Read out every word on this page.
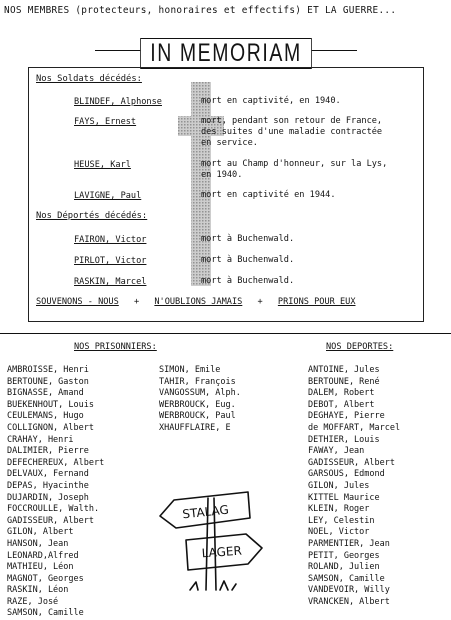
NOS MEMBRES (protecteurs, honoraires et effectifs) ET LA GUERRE...
IN MEMORIAM
Nos Soldats décédés:
BLINDEF, Alphonse	mort en captivité, en 1940.
FAYS, Ernest	mort, pendant son retour de France,
des suites d'une maladie contractée
en service.
HEUSE, Karl	mort au Champ d'honneur, sur la Lys,
en 1940.
LAVIGNE, Paul	mort en captivité en 1944.
Nos Déportés décédés:
FAIRON, Victor	mort à Buchenwald.
PIRLOT, Victor	mort à Buchenwald.
RASKIN, Marcel	mort à Buchenwald.
SOUVENONS - NOUS + N'OUBLIONS JAMAIS + PRIONS POUR EUX
NOS PRISONNIERS:	NOS DEPORTES:
AMBROISSE, Henri
BERTOUNE, Gaston
BIGNASSE, Amand
BUEKENHOUT, Louis
CEULEMANS, Hugo
COLLIGNON, Albert
CRAHAY, Henri
DALIMIER, Pierre
DEFECHEREUX, Albert
DELVAUX, Fernand
DEPAS, Hyacinthe
DUJARDIN, Joseph
FOCCROULLE, Walth.
GADISSEUR, Albert
GILON, Albert
HANSON, Jean
LEONARD,Alfred
MATHIEU, Léon
MAGNOT, Georges
RASKIN, Léon
RAZE, José
SAMSON, Camille
SIMON, Emile
TAHIR, François
VANGOSSUM, Alph.
WERBROUCK, Eug.
WERBROUCK, Paul
XHAUFFLAIRE, E
ANTOINE, Jules
BERTOUNE, René
DALEM, Robert
DEBOT, Albert
DEGHAYE, Pierre
de MOFFART, Marcel
DETHIER, Louis
FAWAY, Jean
GADISSEUR, Albert
GARSOUS, Edmond
GILON, Jules
KITTEL Maurice
KLEIN, Roger
LEY, Celestin
NOEL, Victor
PARMENTIER, Jean
PETIT, Georges
ROLAND, Julien
SAMSON, Camille
VANDEVOIR, Willy
VRANCKEN, Albert
STALAG
LAGER
